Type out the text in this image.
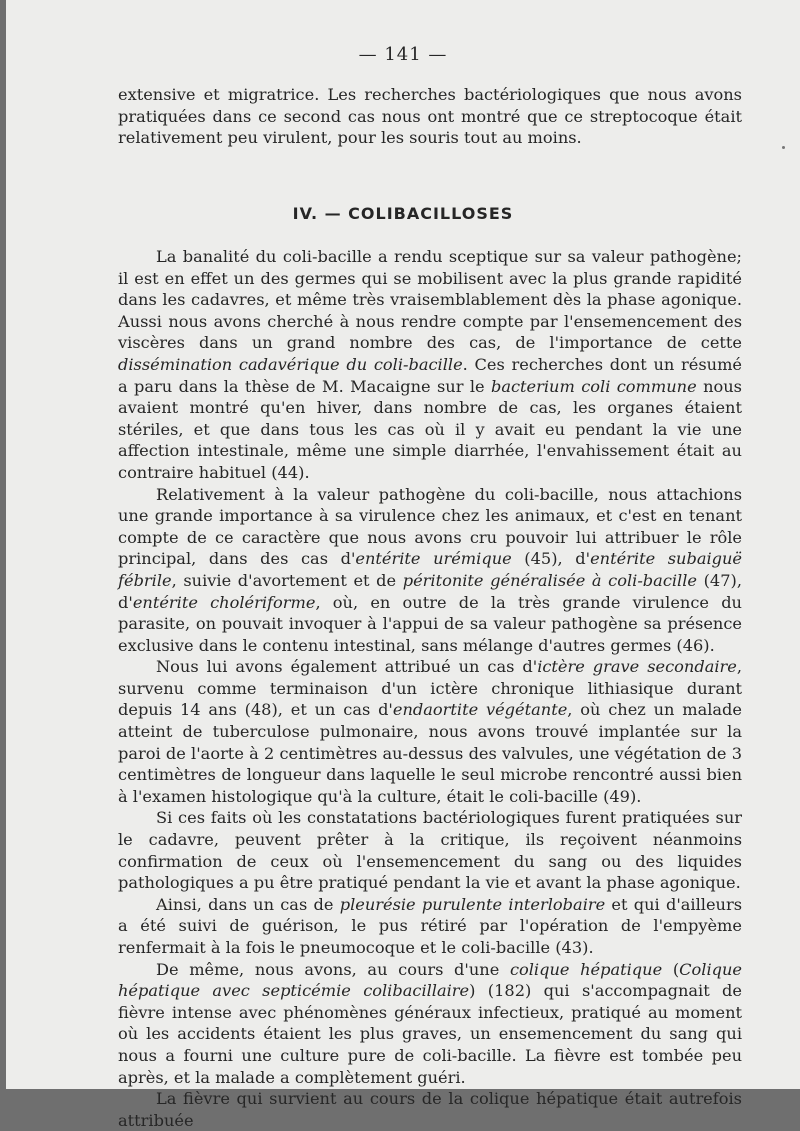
— 141 —

extensive et migratrice. Les recherches bactériologiques que nous avons pratiquées dans ce second cas nous ont montré que ce streptocoque était relativement peu virulent, pour les souris tout au moins.

IV. — COLIBACILLOSES

La banalité du coli-bacille a rendu sceptique sur sa valeur pathogène; il est en effet un des germes qui se mobilisent avec la plus grande rapidité dans les cadavres, et même très vraisemblablement dès la phase agonique. Aussi nous avons cherché à nous rendre compte par l'ensemencement des viscères dans un grand nombre des cas, de l'importance de cette dissémination cadavérique du coli-bacille. Ces recherches dont un résumé a paru dans la thèse de M. Macaigne sur le bacterium coli commune nous avaient montré qu'en hiver, dans nombre de cas, les organes étaient stériles, et que dans tous les cas où il y avait eu pendant la vie une affection intestinale, même une simple diarrhée, l'envahissement était au contraire habituel (44).

Relativement à la valeur pathogène du coli-bacille, nous attachions une grande importance à sa virulence chez les animaux, et c'est en tenant compte de ce caractère que nous avons cru pouvoir lui attribuer le rôle principal, dans des cas d'entérite urémique (45), d'entérite subaiguë fébrile, suivie d'avortement et de péritonite généralisée à coli-bacille (47), d'entérite cholériforme, où, en outre de la très grande virulence du parasite, on pouvait invoquer à l'appui de sa valeur pathogène sa présence exclusive dans le contenu intestinal, sans mélange d'autres germes (46).

Nous lui avons également attribué un cas d'ictère grave secondaire, survenu comme terminaison d'un ictère chronique lithiasique durant depuis 14 ans (48), et un cas d'endaortite végétante, où chez un malade atteint de tuberculose pulmonaire, nous avons trouvé implantée sur la paroi de l'aorte à 2 centimètres au-dessus des valvules, une végétation de 3 centimètres de longueur dans laquelle le seul microbe rencontré aussi bien à l'examen histologique qu'à la culture, était le coli-bacille (49).

Si ces faits où les constatations bactériologiques furent pratiquées sur le cadavre, peuvent prêter à la critique, ils reçoivent néanmoins confirmation de ceux où l'ensemencement du sang ou des liquides pathologiques a pu être pratiqué pendant la vie et avant la phase agonique.

Ainsi, dans un cas de pleurésie purulente interlobaire et qui d'ailleurs a été suivi de guérison, le pus rétiré par l'opération de l'empyème renfermait à la fois le pneumocoque et le coli-bacille (43).

De même, nous avons, au cours d'une colique hépatique (Colique hépatique avec septicémie colibacillaire) (182) qui s'accompagnait de fièvre intense avec phénomènes généraux infectieux, pratiqué au moment où les accidents étaient les plus graves, un ensemencement du sang qui nous a fourni une culture pure de coli-bacille. La fièvre est tombée peu après, et la malade a complètement guéri.

La fièvre qui survient au cours de la colique hépatique était autrefois attribuée
